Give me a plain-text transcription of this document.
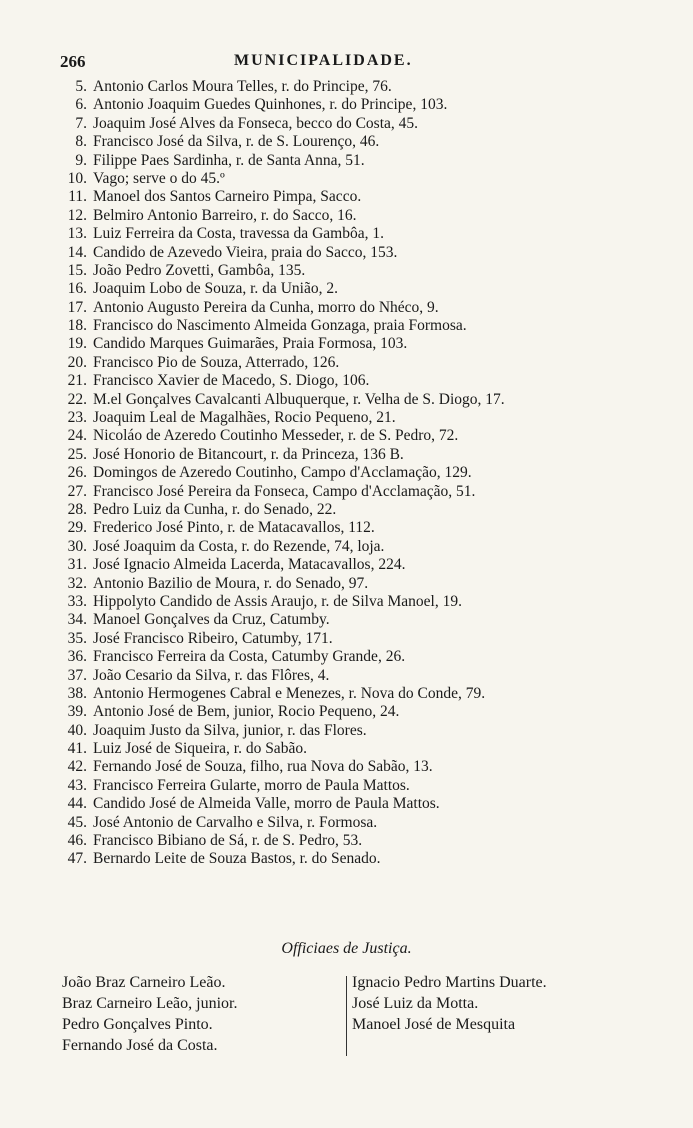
266	MUNICIPALIDADE.
5. Antonio Carlos Moura Telles, r. do Principe, 76.
6. Antonio Joaquim Guedes Quinhones, r. do Principe, 103.
7. Joaquim José Alves da Fonseca, becco do Costa, 45.
8. Francisco José da Silva, r. de S. Lourenço, 46.
9. Filippe Paes Sardinha, r. de Santa Anna, 51.
10. Vago; serve o do 45.º
11. Manoel dos Santos Carneiro Pimpa, Sacco.
12. Belmiro Antonio Barreiro, r. do Sacco, 16.
13. Luiz Ferreira da Costa, travessa da Gambôa, 1.
14. Candido de Azevedo Vieira, praia do Sacco, 153.
15. João Pedro Zovetti, Gambôa, 135.
16. Joaquim Lobo de Souza, r. da União, 2.
17. Antonio Augusto Pereira da Cunha, morro do Nhéco, 9.
18. Francisco do Nascimento Almeida Gonzaga, praia Formosa.
19. Candido Marques Guimarães, Praia Formosa, 103.
20. Francisco Pio de Souza, Atterrado, 126.
21. Francisco Xavier de Macedo, S. Diogo, 106.
22. M.el Gonçalves Cavalcanti Albuquerque, r. Velha de S. Diogo, 17.
23. Joaquim Leal de Magalhães, Rocio Pequeno, 21.
24. Nicoláo de Azeredo Coutinho Messeder, r. de S. Pedro, 72.
25. José Honorio de Bitancourt, r. da Princeza, 136 B.
26. Domingos de Azeredo Coutinho, Campo d'Acclamação, 129.
27. Francisco José Pereira da Fonseca, Campo d'Acclamação, 51.
28. Pedro Luiz da Cunha, r. do Senado, 22.
29. Frederico José Pinto, r. de Matacavallos, 112.
30. José Joaquim da Costa, r. do Rezende, 74, loja.
31. José Ignacio Almeida Lacerda, Matacavallos, 224.
32. Antonio Bazilio de Moura, r. do Senado, 97.
33. Hippolyto Candido de Assis Araujo, r. de Silva Manoel, 19.
34. Manoel Gonçalves da Cruz, Catumby.
35. José Francisco Ribeiro, Catumby, 171.
36. Francisco Ferreira da Costa, Catumby Grande, 26.
37. João Cesario da Silva, r. das Flôres, 4.
38. Antonio Hermogenes Cabral e Menezes, r. Nova do Conde, 79.
39. Antonio José de Bem, junior, Rocio Pequeno, 24.
40. Joaquim Justo da Silva, junior, r. das Flores.
41. Luiz José de Siqueira, r. do Sabão.
42. Fernando José de Souza, filho, rua Nova do Sabão, 13.
43. Francisco Ferreira Gularte, morro de Paula Mattos.
44. Candido José de Almeida Valle, morro de Paula Mattos.
45. José Antonio de Carvalho e Silva, r. Formosa.
46. Francisco Bibiano de Sá, r. de S. Pedro, 53.
47. Bernardo Leite de Souza Bastos, r. do Senado.
Officiaes de Justiça.
João Braz Carneiro Leão.
Braz Carneiro Leão, junior.
Pedro Gonçalves Pinto.
Fernando José da Costa.
Ignacio Pedro Martins Duarte.
José Luiz da Motta.
Manoel José de Mesquita
